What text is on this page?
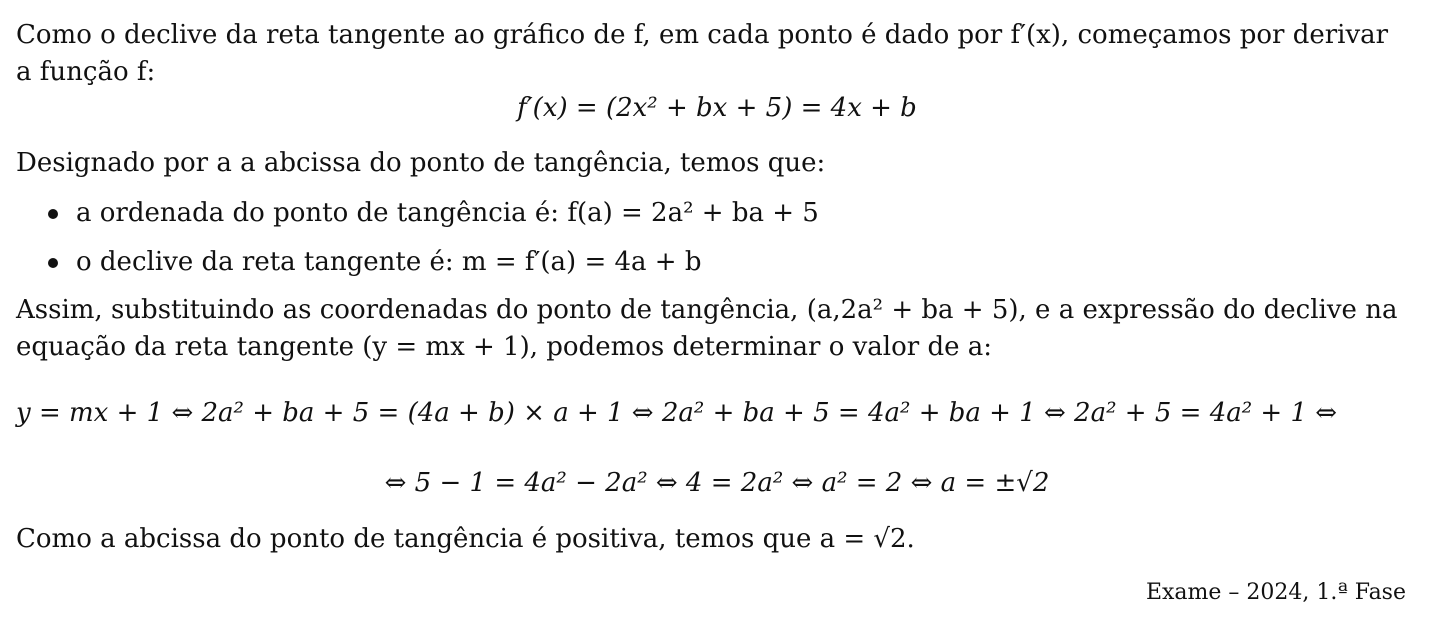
Como o declive da reta tangente ao gráfico de f, em cada ponto é dado por f′(x), começamos por derivar
a função f:
f′(x) = (2x² + bx + 5) = 4x + b
Designado por a a abcissa do ponto de tangência, temos que:
a ordenada do ponto de tangência é: f(a) = 2a² + ba + 5
o declive da reta tangente é: m = f′(a) = 4a + b
Assim, substituindo as coordenadas do ponto de tangência, (a,2a² + ba + 5), e a expressão do declive na
equação da reta tangente (y = mx + 1), podemos determinar o valor de a:
y = mx + 1 ⇔ 2a² + ba + 5 = (4a + b) × a + 1 ⇔ 2a² + ba + 5 = 4a² + ba + 1 ⇔ 2a² + 5 = 4a² + 1 ⇔
⇔ 5 − 1 = 4a² − 2a² ⇔ 4 = 2a² ⇔ a² = 2 ⇔ a = ±√2
Como a abcissa do ponto de tangência é positiva, temos que a = √2.
Exame – 2024, 1.ª Fase
